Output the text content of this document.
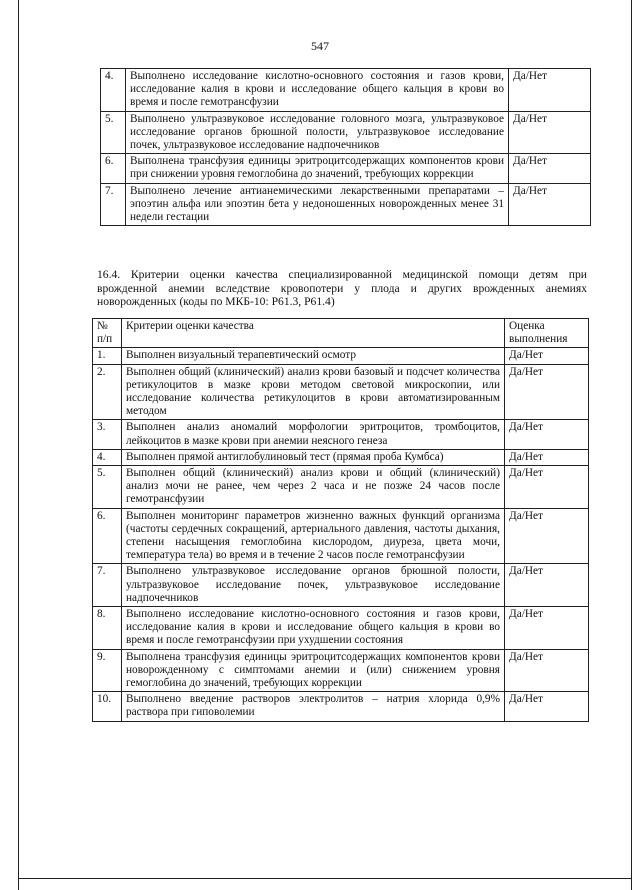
547
4.	Выполнено исследование кислотно-основного состояния и газов крови, исследование калия в крови и исследование общего кальция в крови во время и после гемотрансфузии	Да/Нет
5.	Выполнено ультразвуковое исследование головного мозга, ультразвуковое исследование органов брюшной полости, ультразвуковое исследование почек, ультразвуковое исследование надпочечников	Да/Нет
6.	Выполнена трансфузия единицы эритроцитсодержащих компонентов крови при снижении уровня гемоглобина до значений, требующих коррекции	Да/Нет
7.	Выполнено лечение антианемическими лекарственными препаратами – эпоэтин альфа или эпоэтин бета у недоношенных новорожденных менее 31 недели гестации	Да/Нет
16.4. Критерии оценки качества специализированной медицинской помощи детям при врожденной анемии вследствие кровопотери у плода и других врожденных анемиях новорожденных (коды по МКБ-10: P61.3, P61.4)
№ п/п	Критерии оценки качества	Оценка выполнения
1.	Выполнен визуальный терапевтический осмотр	Да/Нет
2.	Выполнен общий (клинический) анализ крови базовый и подсчет количества ретикулоцитов в мазке крови методом световой микроскопии, или исследование количества ретикулоцитов в крови автоматизированным методом	Да/Нет
3.	Выполнен анализ аномалий морфологии эритроцитов, тромбоцитов, лейкоцитов в мазке крови при анемии неясного генеза	Да/Нет
4.	Выполнен прямой антиглобулиновый тест (прямая проба Кумбса)	Да/Нет
5.	Выполнен общий (клинический) анализ крови и общий (клинический) анализ мочи не ранее, чем через 2 часа и не позже 24 часов после гемотрансфузии	Да/Нет
6.	Выполнен мониторинг параметров жизненно важных функций организма (частоты сердечных сокращений, артериального давления, частоты дыхания, степени насыщения гемоглобина кислородом, диуреза, цвета мочи, температура тела) во время и в течение 2 часов после гемотрансфузии	Да/Нет
7.	Выполнено ультразвуковое исследование органов брюшной полости, ультразвуковое исследование почек, ультразвуковое исследование надпочечников	Да/Нет
8.	Выполнено исследование кислотно-основного состояния и газов крови, исследование калия в крови и исследование общего кальция в крови во время и после гемотрансфузии при ухудшении состояния	Да/Нет
9.	Выполнена трансфузия единицы эритроцитсодержащих компонентов крови новорожденному с симптомами анемии и (или) снижением уровня гемоглобина до значений, требующих коррекции	Да/Нет
10.	Выполнено введение растворов электролитов – натрия хлорида 0,9% раствора при гиповолемии	Да/Нет
